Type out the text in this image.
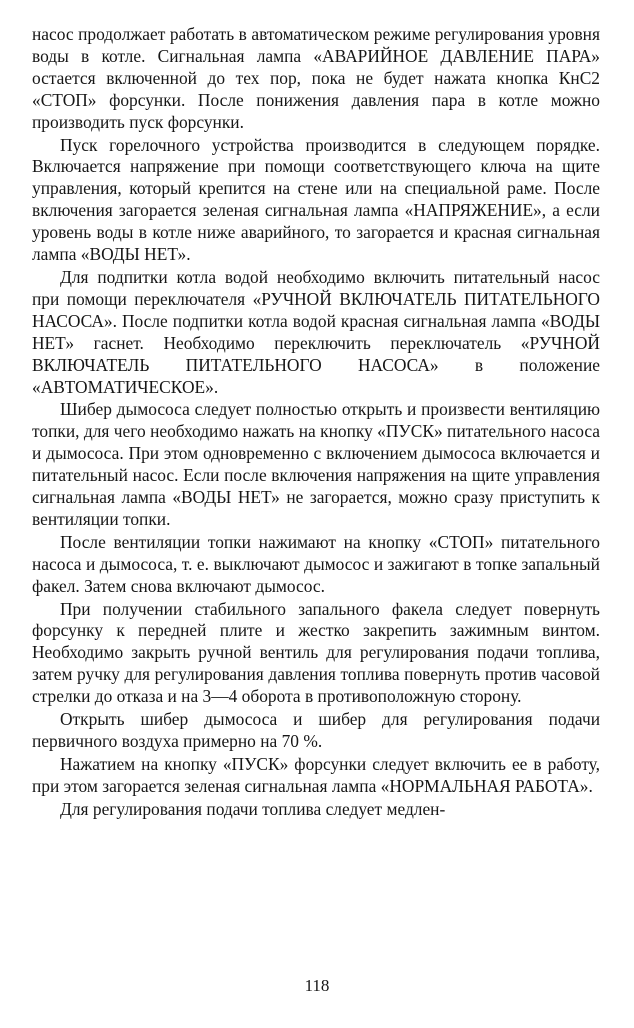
насос продолжает работать в автоматическом режиме регулирования уровня воды в котле. Сигнальная лампа «АВАРИЙНОЕ ДАВЛЕНИЕ ПАРА» остается включенной до тех пор, пока не будет нажата кнопка КнС2 «СТОП» форсунки. После понижения давления пара в котле можно производить пуск форсунки.

Пуск горелочного устройства производится в следующем порядке. Включается напряжение при помощи соответствующего ключа на щите управления, который крепится на стене или на специальной раме. После включения загорается зеленая сигнальная лампа «НАПРЯЖЕНИЕ», а если уровень воды в котле ниже аварийного, то загорается и красная сигнальная лампа «ВОДЫ НЕТ».

Для подпитки котла водой необходимо включить питательный насос при помощи переключателя «РУЧНОЙ ВКЛЮЧАТЕЛЬ ПИТАТЕЛЬНОГО НАСОСА». После подпитки котла водой красная сигнальная лампа «ВОДЫ НЕТ» гаснет. Необходимо переключить переключатель «РУЧНОЙ ВКЛЮЧАТЕЛЬ ПИТАТЕЛЬНОГО НАСОСА» в положение «АВТОМАТИЧЕСКОЕ».

Шибер дымососа следует полностью открыть и произвести вентиляцию топки, для чего необходимо нажать на кнопку «ПУСК» питательного насоса и дымососа. При этом одновременно с включением дымососа включается и питательный насос. Если после включения напряжения на щите управления сигнальная лампа «ВОДЫ НЕТ» не загорается, можно сразу приступить к вентиляции топки.

После вентиляции топки нажимают на кнопку «СТОП» питательного насоса и дымососа, т. е. выключают дымосос и зажигают в топке запальный факел. Затем снова включают дымосос.

При получении стабильного запального факела следует повернуть форсунку к передней плите и жестко закрепить зажимным винтом. Необходимо закрыть ручной вентиль для регулирования подачи топлива, затем ручку для регулирования давления топлива повернуть против часовой стрелки до отказа и на 3—4 оборота в противоположную сторону.

Открыть шибер дымососа и шибер для регулирования подачи первичного воздуха примерно на 70 %.

Нажатием на кнопку «ПУСК» форсунки следует включить ее в работу, при этом загорается зеленая сигнальная лампа «НОРМАЛЬНАЯ РАБОТА».

Для регулирования подачи топлива следует медлен-

118
